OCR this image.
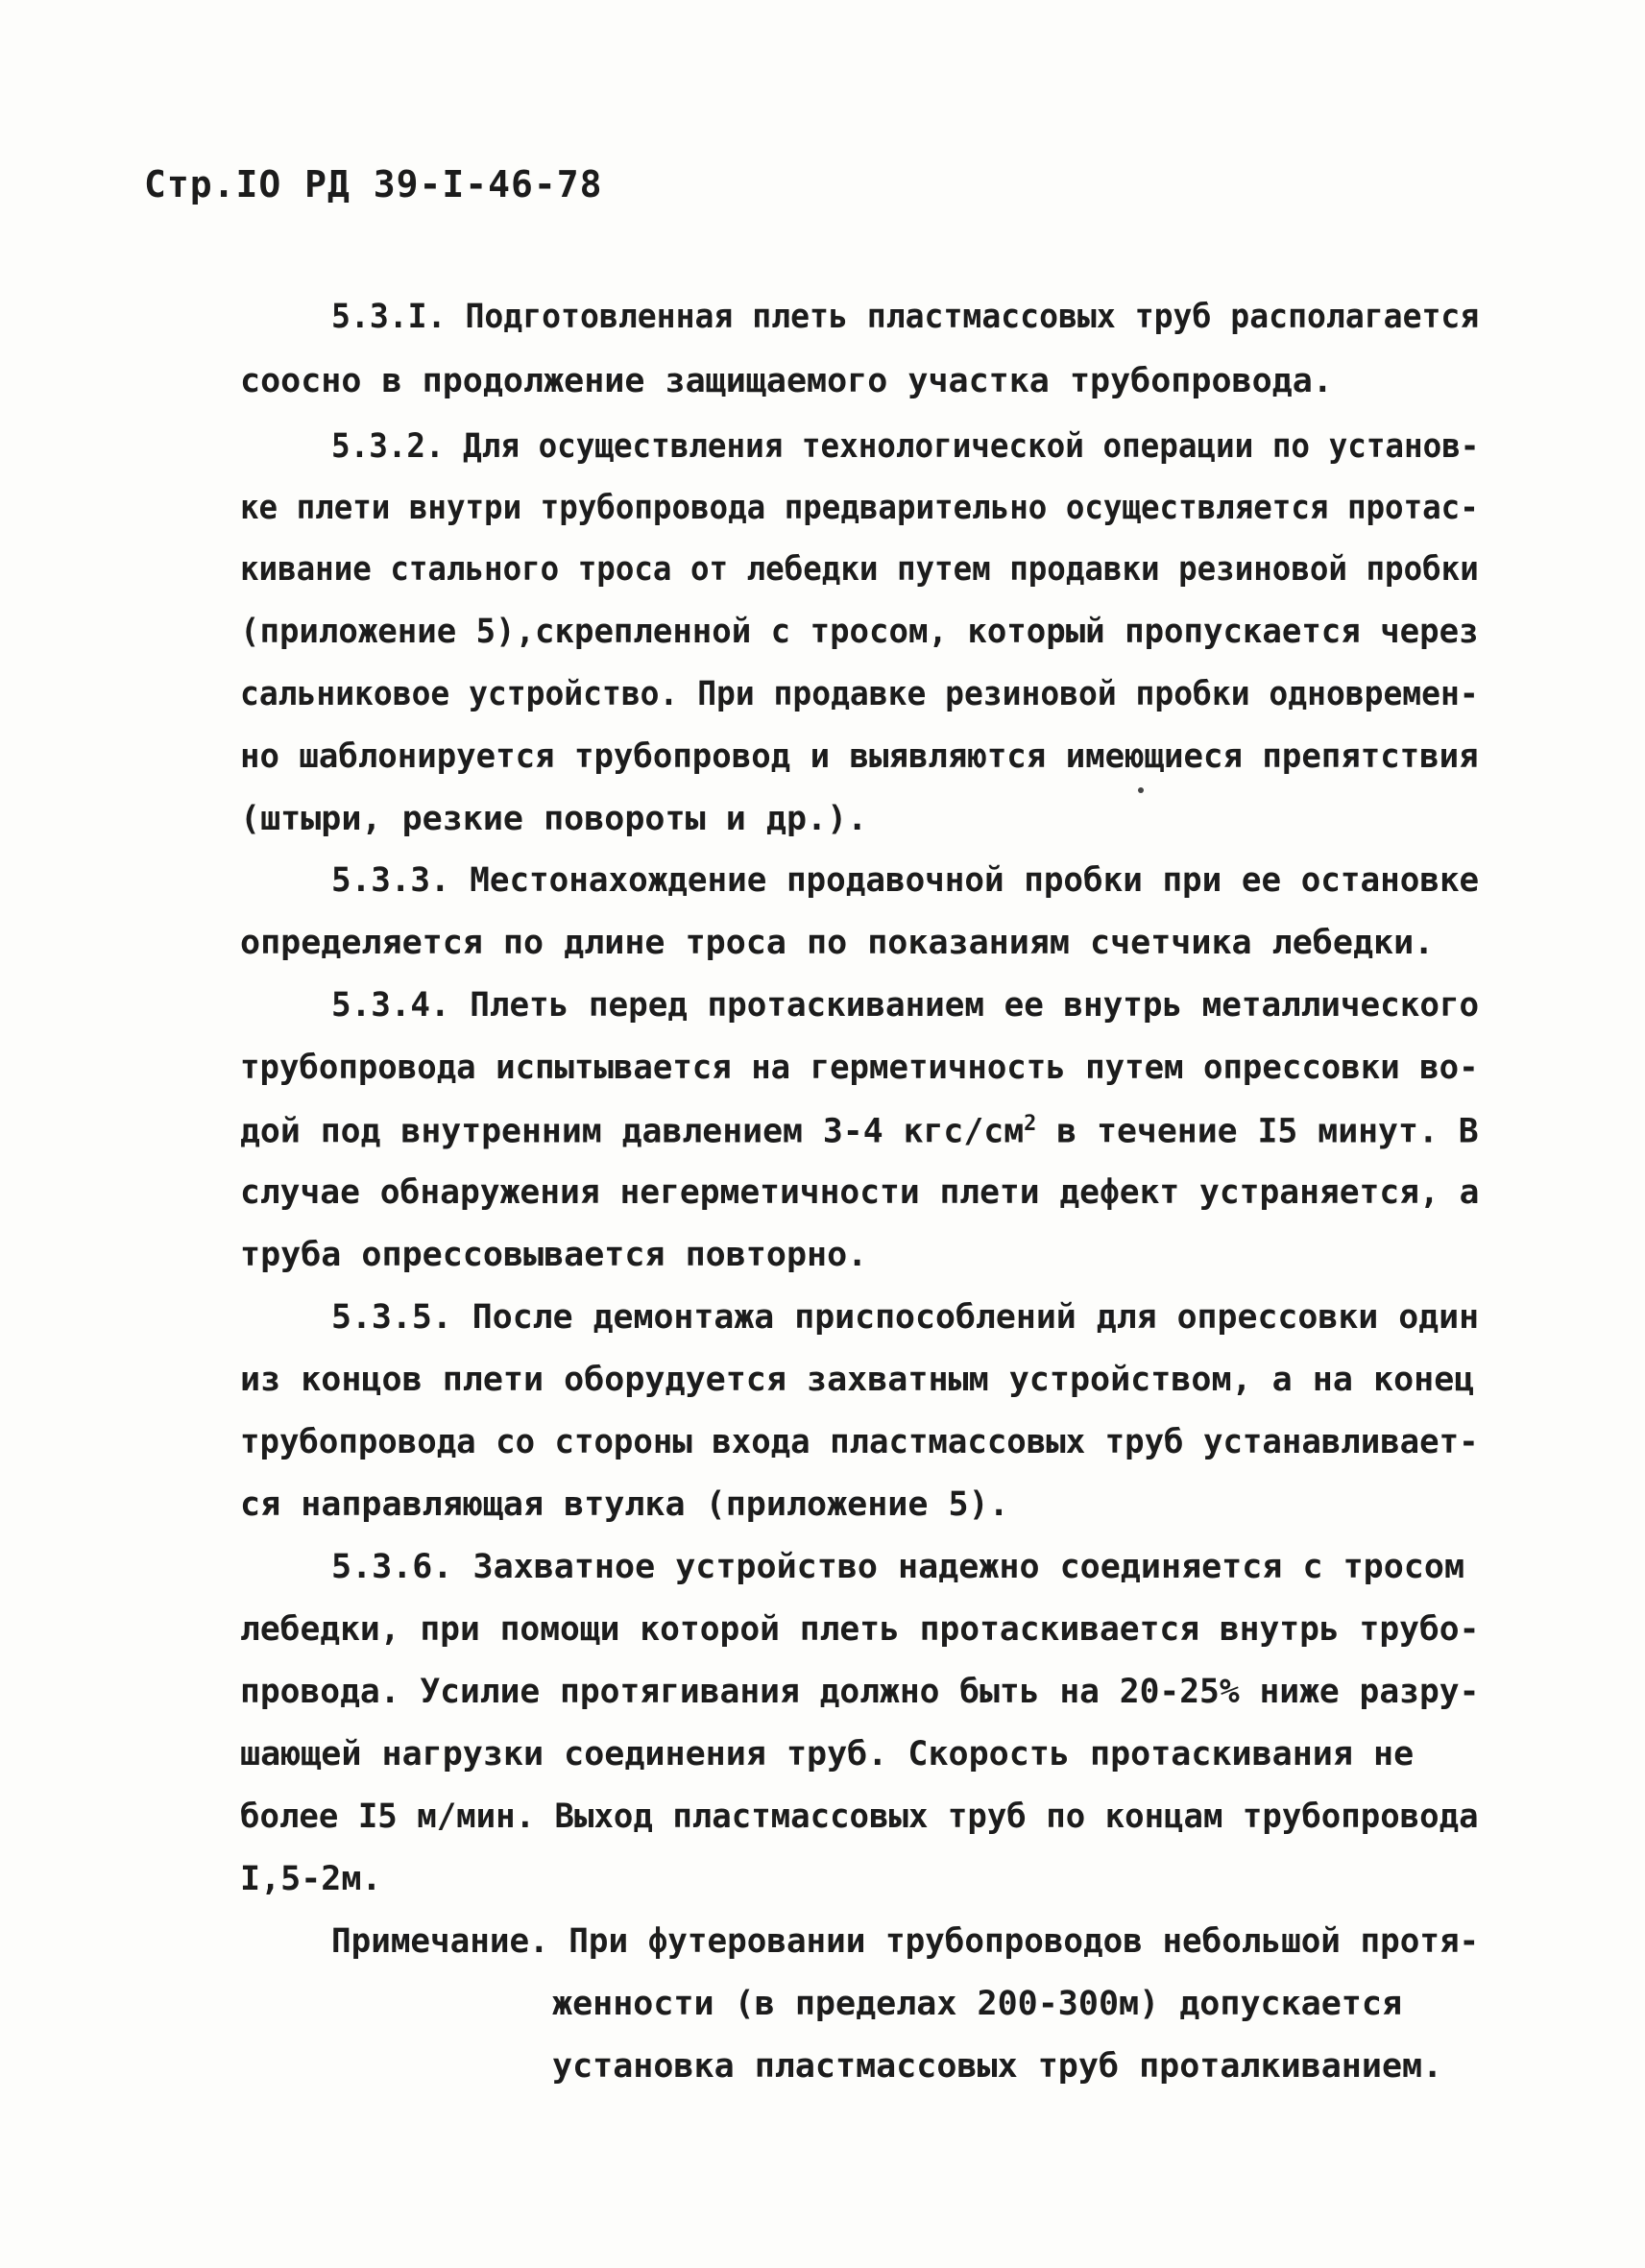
Стр.IO РД 39-I-46-78
5.3.I. Подготовленная плеть пластмассовых труб располагается
соосно в продолжение защищаемого участка трубопровода.
5.3.2. Для осуществления технологической операции по установ-
ке плети внутри трубопровода предварительно осуществляется протас-
кивание стального троса от лебедки путем продавки резиновой пробки
(приложение 5),скрепленной с тросом, который пропускается через
сальниковое устройство. При продавке резиновой пробки одновремен-
но шаблонируется трубопровод и выявляются имеющиеся препятствия
(штыри, резкие повороты и др.).
5.3.3. Местонахождение продавочной пробки при ее остановке
определяется по длине троса по показаниям счетчика лебедки.
5.3.4. Плеть перед протаскиванием ее внутрь металлического
трубопровода испытывается на герметичность путем опрессовки во-
дой под внутренним давлением 3-4 кгс/$см^2$ в течение I5 минут. В
случае обнаружения негерметичности плети дефект устраняется, а
труба опрессовывается повторно.
5.3.5. После демонтажа приспособлений для опрессовки один
из концов плети оборудуется захватным устройством, а на конец
трубопровода со стороны входа пластмассовых труб устанавливает-
ся направляющая втулка (приложение 5).
5.3.6. Захватное устройство надежно соединяется с тросом
лебедки, при помощи которой плеть протаскивается внутрь трубо-
провода. Усилие протягивания должно быть на 20-25% ниже разру-
шающей нагрузки соединения труб. Скорость протаскивания не
более I5 м/мин. Выход пластмассовых труб по концам трубопровода
I,5-2м.
Примечание. При футеровании трубопроводов небольшой протя-
женности (в пределах 200-300м) допускается
установка пластмассовых труб проталкиванием.
